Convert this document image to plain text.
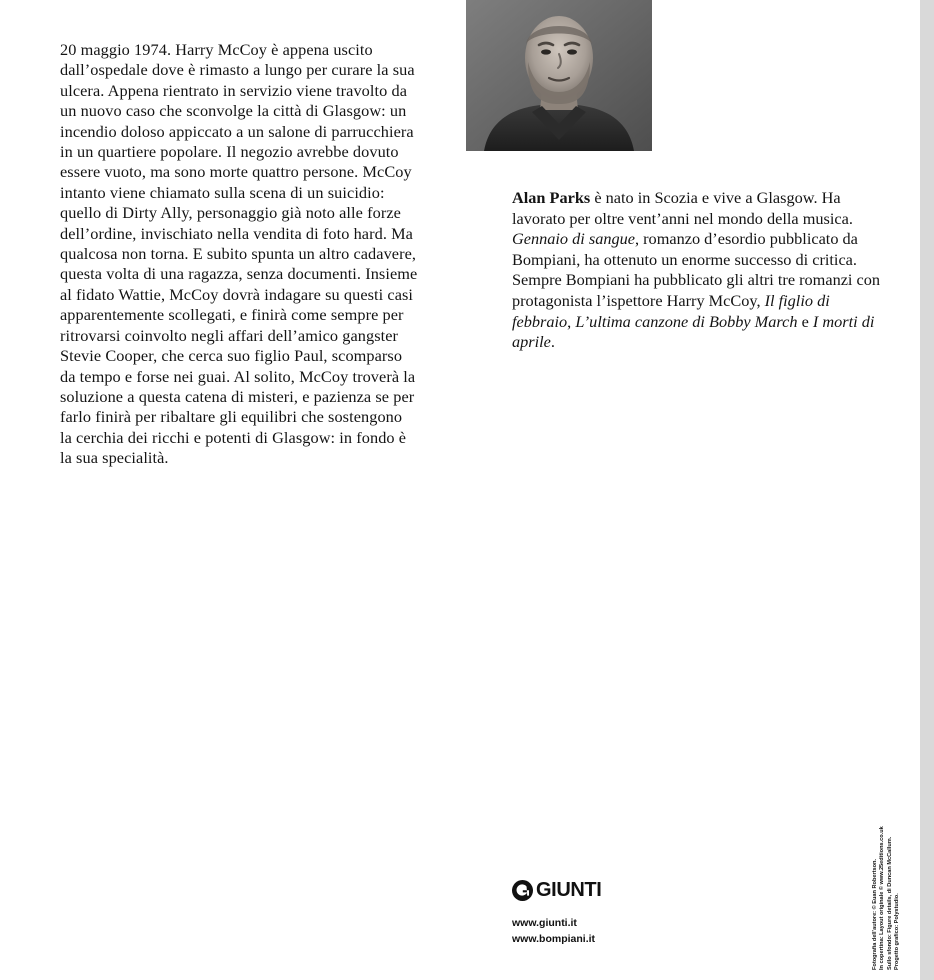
20 maggio 1974. Harry McCoy è appena uscito dall’ospedale dove è rimasto a lungo per curare la sua ulcera. Appena rientrato in servizio viene travolto da un nuovo caso che sconvolge la città di Glasgow: un incendio doloso appiccato a un salone di parrucchiera in un quartiere popolare. Il negozio avrebbe dovuto essere vuoto, ma sono morte quattro persone. McCoy intanto viene chiamato sulla scena di un suicidio: quello di Dirty Ally, personaggio già noto alle forze dell’ordine, invischiato nella vendita di foto hard. Ma qualcosa non torna. E subito spunta un altro cadavere, questa volta di una ragazza, senza documenti. Insieme al fidato Wattie, McCoy dovrà indagare su questi casi apparentemente scollegati, e finirà come sempre per ritrovarsi coinvolto negli affari dell’amico gangster Stevie Cooper, che cerca suo figlio Paul, scomparso da tempo e forse nei guai. Al solito, McCoy troverà la soluzione a questa catena di misteri, e pazienza se per farlo finirà per ribaltare gli equilibri che sostengono la cerchia dei ricchi e potenti di Glasgow: in fondo è la sua specialità.

Alan Parks è nato in Scozia e vive a Glasgow. Ha lavorato per oltre vent’anni nel mondo della musica. Gennaio di sangue, romanzo d’esordio pubblicato da Bompiani, ha ottenuto un enorme successo di critica.

Sempre Bompiani ha pubblicato gli altri tre romanzi con protagonista l’ispettore Harry McCoy, Il figlio di febbraio, L’ultima canzone di Bobby March e I morti di aprile.

GIUNTI
www.giunti.it
www.bompiani.it	Fotografia dell’autore: © Euan Robertson. In copertina: Layout originale © www.25editions.co.uk Sullo sfondo: Figure details, di Duncan McCallum. Progetto grafico: Polystudio.
